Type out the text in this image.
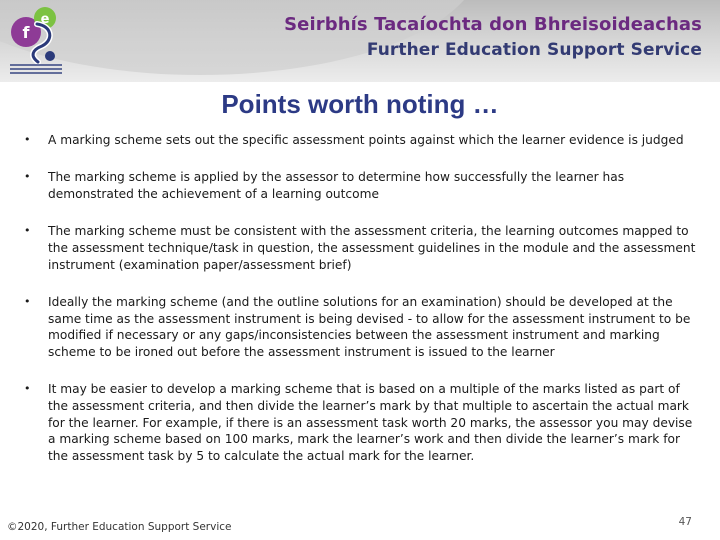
f
e	Seirbhís Tacaíochta don Bhreisoideachas
Further Education Support Service
Points worth noting …
• A marking scheme sets out the specific assessment points against which the learner evidence is judged
• The marking scheme is applied by the assessor to determine how successfully the learner has demonstrated the achievement of a learning outcome
• The marking scheme must be consistent with the assessment criteria, the learning outcomes mapped to the assessment technique/task in question, the assessment guidelines in the module and the assessment instrument (examination paper/assessment brief)
• Ideally the marking scheme (and the outline solutions for an examination) should be developed at the same time as the assessment instrument is being devised - to allow for the assessment instrument to be modified if necessary or any gaps/inconsistencies between the assessment instrument and marking scheme to be ironed out before the assessment instrument is issued to the learner
• It may be easier to develop a marking scheme that is based on a multiple of the marks listed as part of the assessment criteria, and then divide the learner’s mark by that multiple to ascertain the actual mark for the learner. For example, if there is an assessment task worth 20 marks, the assessor you may devise a marking scheme based on 100 marks, mark the learner’s work and then divide the learner’s mark for the assessment task by 5 to calculate the actual mark for the learner.
©2020, Further Education Support Service	47
